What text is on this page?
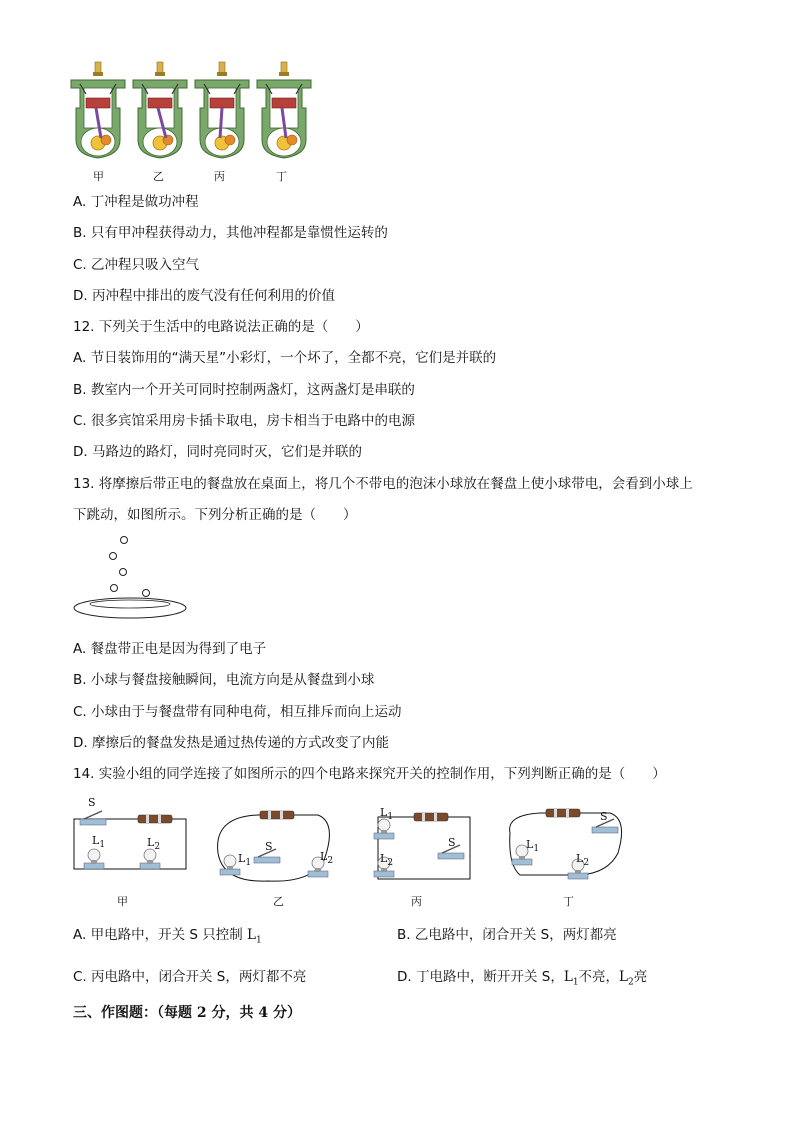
甲	乙	丙	丁
A. 丁冲程是做功冲程
B. 只有甲冲程获得动力，其他冲程都是靠惯性运转的
C. 乙冲程只吸入空气
D. 丙冲程中排出的废气没有任何利用的价值
12. 下列关于生活中的电路说法正确的是（　　）
A. 节日装饰用的“满天星”小彩灯，一个坏了，全都不亮，它们是并联的
B. 教室内一个开关可同时控制两盏灯，这两盏灯是串联的
C. 很多宾馆采用房卡插卡取电，房卡相当于电路中的电源
D. 马路边的路灯，同时亮同时灭，它们是并联的
13. 将摩擦后带正电的餐盘放在桌面上，将几个不带电的泡沫小球放在餐盘上使小球带电，会看到小球上
下跳动，如图所示。下列分析正确的是（　　）
A. 餐盘带正电是因为得到了电子
B. 小球与餐盘接触瞬间，电流方向是从餐盘到小球
C. 小球由于与餐盘带有同种电荷，相互排斥而向上运动
D. 摩擦后的餐盘发热是通过热传递的方式改变了内能
14. 实验小组的同学连接了如图所示的四个电路来探究开关的控制作用，下列判断正确的是（　　）
S
$L_1$	$L_2$
$L_1$
S
$L_2$
$L_1$
S
$L_2$
S
$L_1$
$L_2$
甲	乙	丙	丁
A. 甲电路中，开关 S 只控制 $L_1$	B. 乙电路中，闭合开关 S，两灯都亮
C. 丙电路中，闭合开关 S，两灯都不亮	D. 丁电路中，断开开关 S，$L_1$不亮，$L_2$亮
三、作图题：（每题 2 分，共 4 分）
